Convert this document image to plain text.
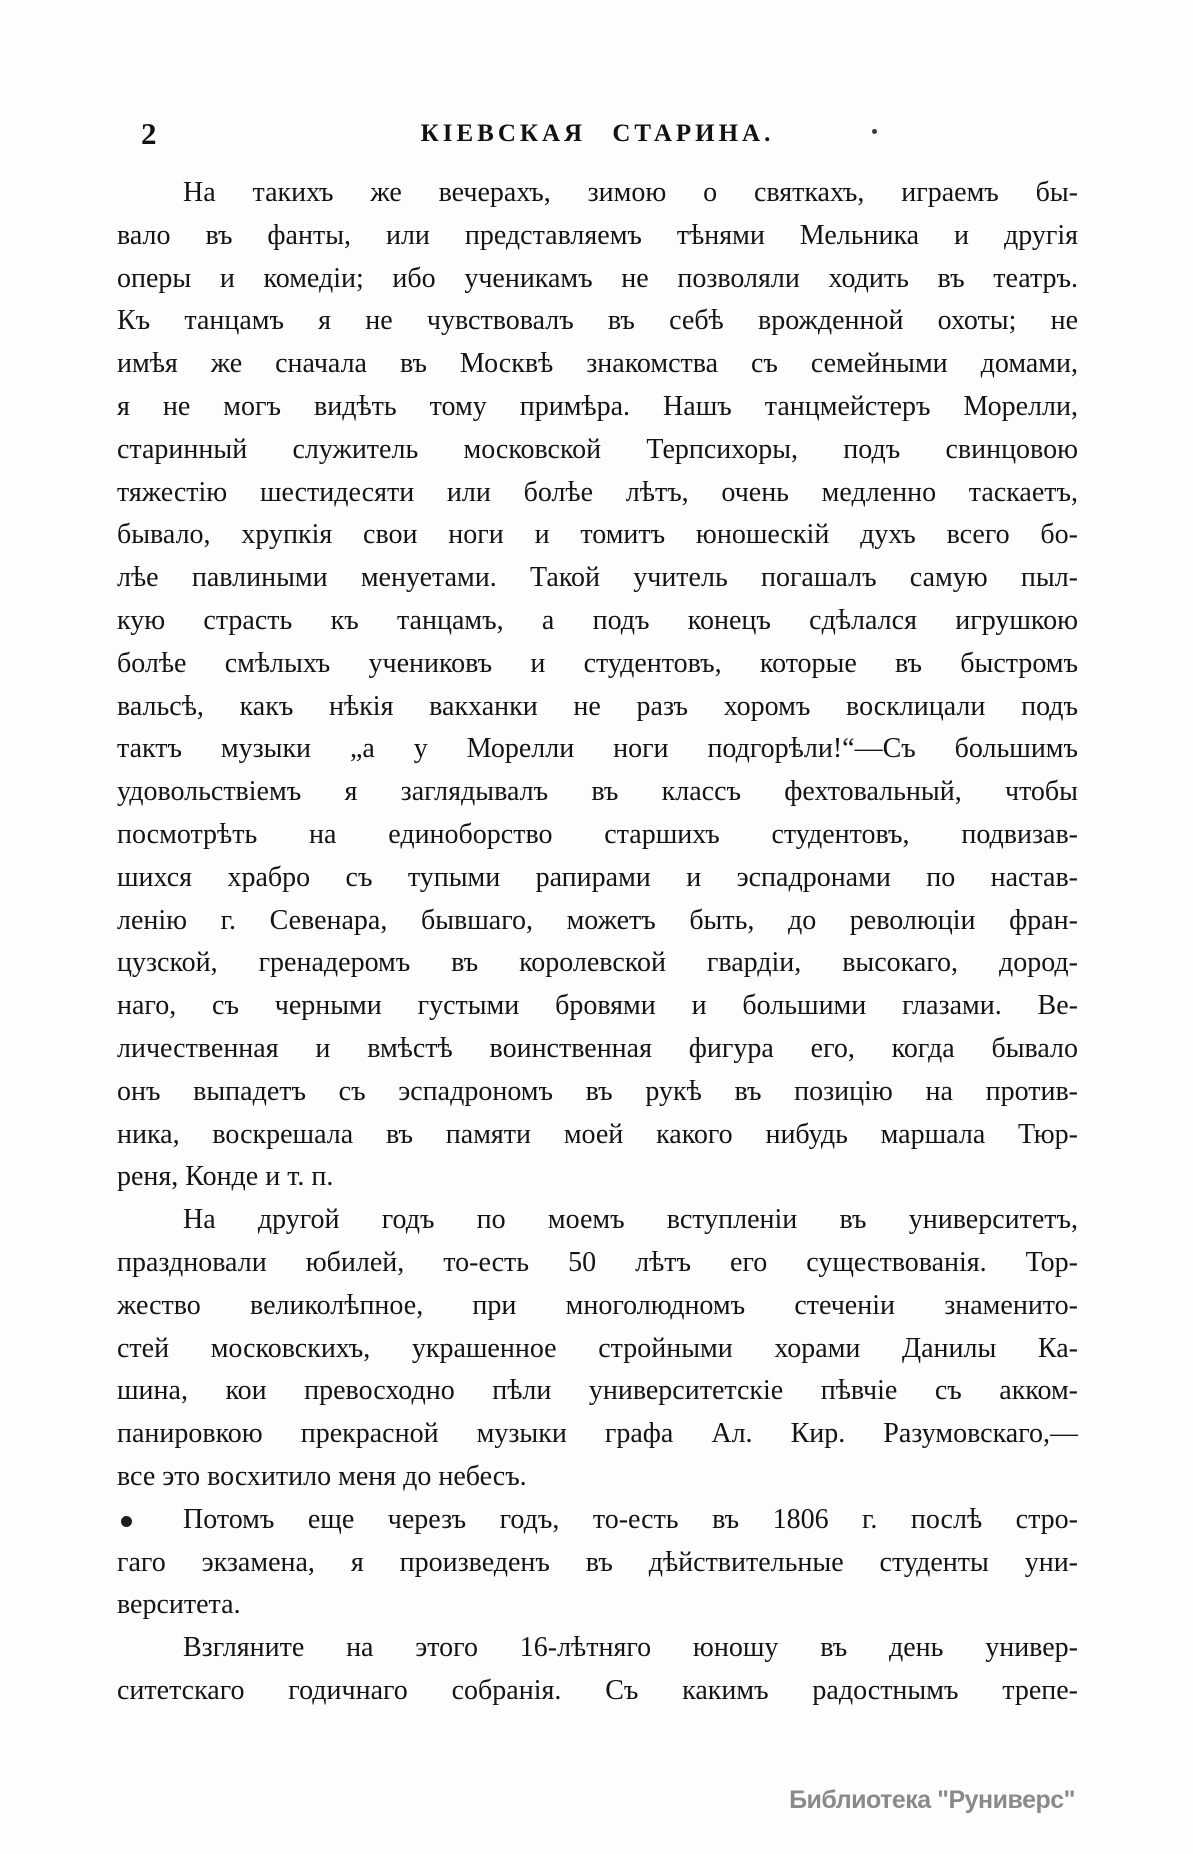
2	КІЕВСКАЯ СТАРИНА.
На такихъ же вечерахъ, зимою о святкахъ, играемъ бы-
вало въ фанты, или представляемъ тѣнями Мельника и другія
оперы и комедіи; ибо ученикамъ не позволяли ходить въ театръ.
Къ танцамъ я не чувствовалъ въ себѣ врожденной охоты; не
имѣя же сначала въ Москвѣ знакомства съ семейными домами,
я не могъ видѣть тому примѣра. Нашъ танцмейстеръ Морелли,
старинный служитель московской Терпсихоры, подъ свинцовою
тяжестію шестидесяти или болѣе лѣтъ, очень медленно таскаетъ,
бывало, хрупкія свои ноги и томитъ юношескій духъ всего бо-
лѣе павлиными менуетами. Такой учитель погашалъ самую пыл-
кую страсть къ танцамъ, а подъ конецъ сдѣлался игрушкою
болѣе смѣлыхъ учениковъ и студентовъ, которые въ быстромъ
вальсѣ, какъ нѣкія вакханки не разъ хоромъ восклицали подъ
тактъ музыки „а у Морелли ноги подгорѣли!“—Съ большимъ
удовольствіемъ я заглядывалъ въ классъ фехтовальный, чтобы
посмотрѣть на единоборство старшихъ студентовъ, подвизав-
шихся храбро съ тупыми рапирами и эспадронами по настав-
ленію г. Севенара, бывшаго, можетъ быть, до революціи фран-
цузской, гренадеромъ въ королевской гвардіи, высокаго, дород-
наго, съ черными густыми бровями и большими глазами. Ве-
личественная и вмѣстѣ воинственная фигура его, когда бывало
онъ выпадетъ съ эспадрономъ въ рукѣ въ позицію на против-
ника, воскрешала въ памяти моей какого нибудь маршала Тюр-
реня, Конде и т. п.
На другой годъ по моемъ вступленіи въ университетъ,
праздновали юбилей, то-есть 50 лѣтъ его существованія. Тор-
жество великолѣпное, при многолюдномъ стеченіи знаменито-
стей московскихъ, украшенное стройными хорами Данилы Ка-
шина, кои превосходно пѣли университетскіе пѣвчіе съ акком-
панировкою прекрасной музыки графа Ал. Кир. Разумовскаго,—
все это восхитило меня до небесъ.
Потомъ еще черезъ годъ, то-есть въ 1806 г. послѣ стро-
гаго экзамена, я произведенъ въ дѣйствительные студенты уни-
верситета.
Взгляните на этого 16-лѣтняго юношу въ день универ-
ситетскаго годичнаго собранія. Съ какимъ радостнымъ трепе-
Библиотека "Руниверс"
